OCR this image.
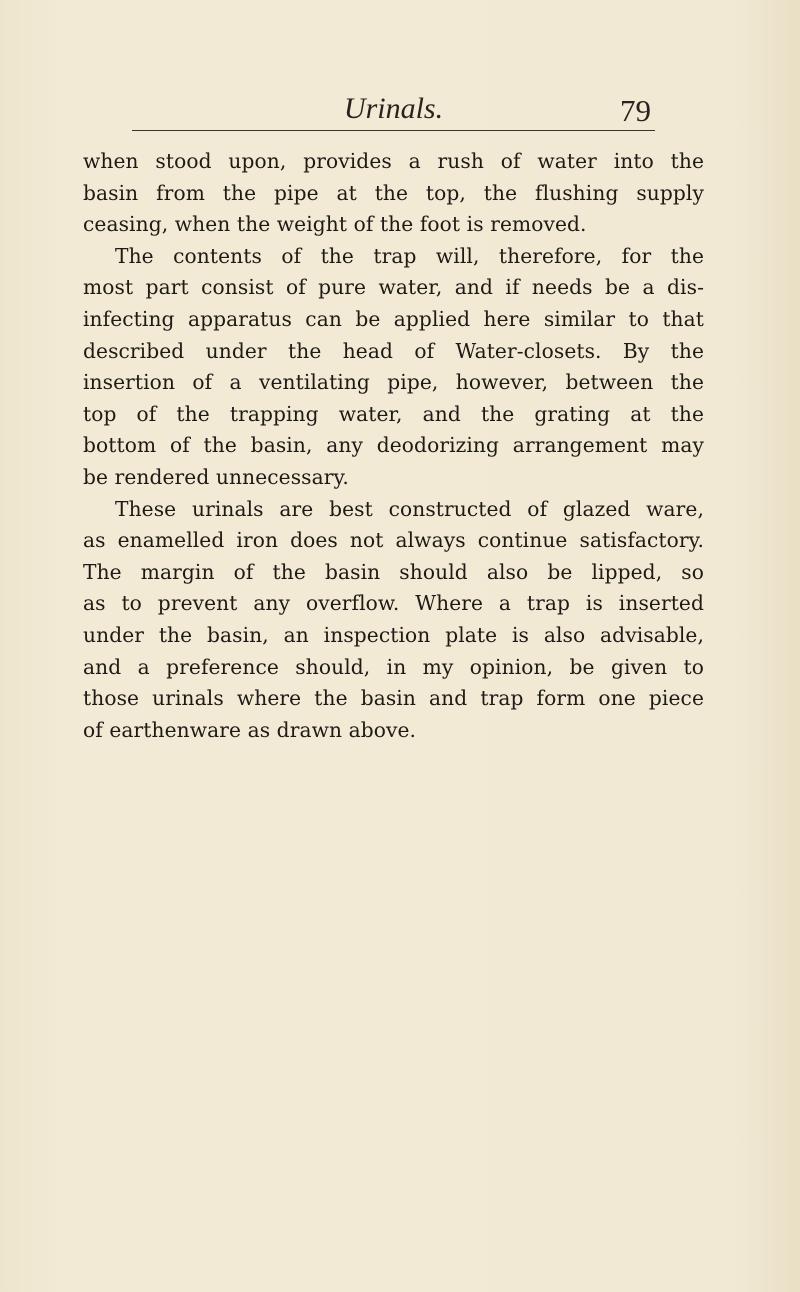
Urinals.	79
when stood upon, provides a rush of water into the
basin from the pipe at the top, the flushing supply
ceasing, when the weight of the foot is removed.
The contents of the trap will, therefore, for the
most part consist of pure water, and if needs be a dis-
infecting apparatus can be applied here similar to that
described under the head of Water-closets. By the
insertion of a ventilating pipe, however, between the
top of the trapping water, and the grating at the
bottom of the basin, any deodorizing arrangement may
be rendered unnecessary.
These urinals are best constructed of glazed ware,
as enamelled iron does not always continue satisfactory.
The margin of the basin should also be lipped, so
as to prevent any overflow. Where a trap is inserted
under the basin, an inspection plate is also advisable,
and a preference should, in my opinion, be given to
those urinals where the basin and trap form one piece
of earthenware as drawn above.
